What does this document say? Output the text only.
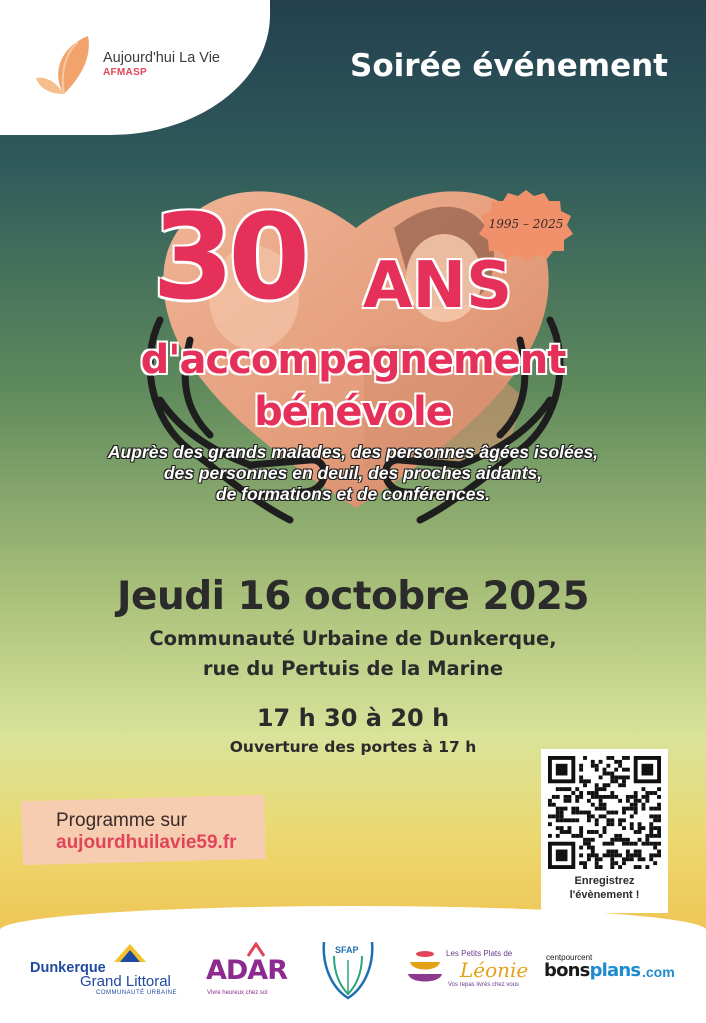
Aujourd'hui La Vie
AFMASP	Soirée événement
1995 – 2025
30 ANS
d'accompagnement
bénévole
Auprès des grands malades, des personnes âgées isolées,
des personnes en deuil, des proches aidants,
de formations et de conférences.
Jeudi 16 octobre 2025
Communauté Urbaine de Dunkerque,
rue du Pertuis de la Marine
17 h 30 à 20 h
Ouverture des portes à 17 h
Programme sur
aujourdhuilavie59.fr
Enregistrez
l'évènement !
Dunkerque
Grand Littoral
COMMUNAUTÉ URBAINE
ADAR
Vivre heureux chez soi
SFAP	Les Petits Plats de
Léonie
Vos repas livrés chez vous
centpourcent
bonsplans .com
